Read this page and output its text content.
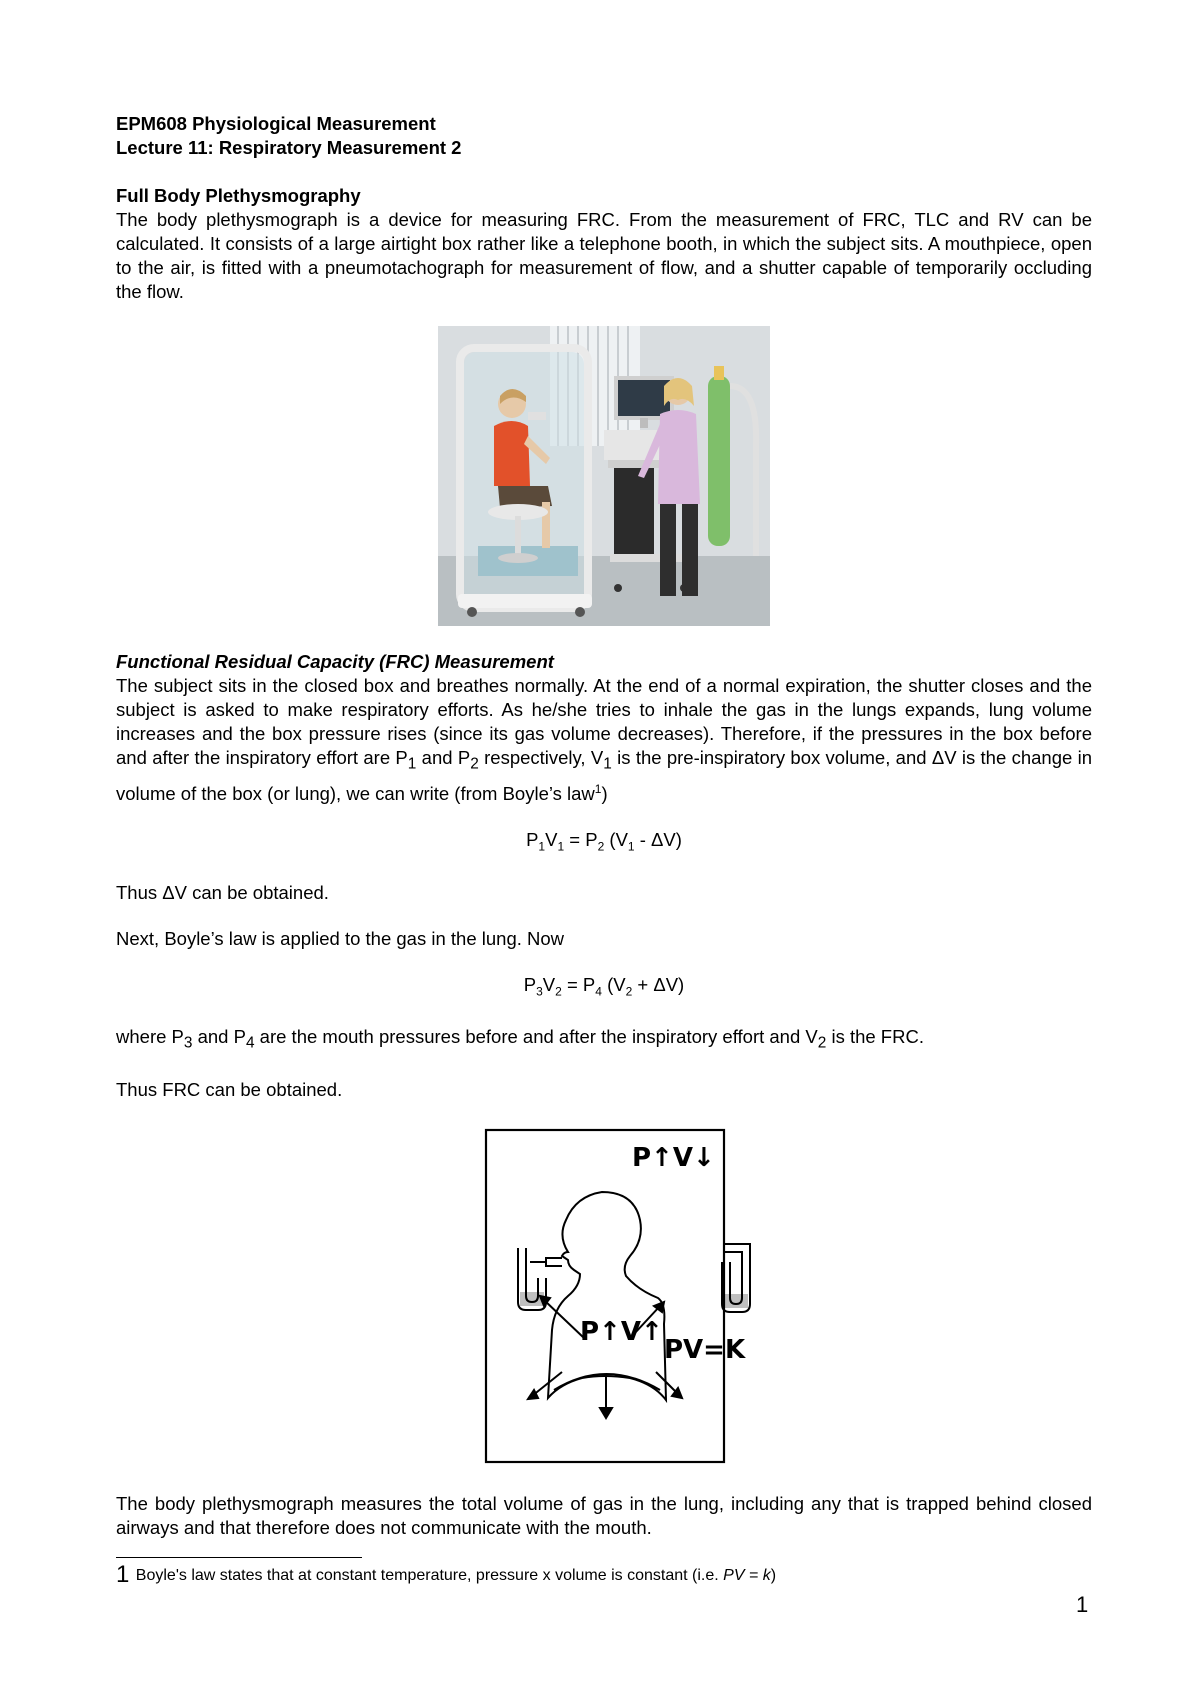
EPM608 Physiological Measurement

Lecture 11: Respiratory Measurement 2

Full Body Plethysmography

The body plethysmograph is a device for measuring FRC. From the measurement of FRC, TLC and RV can be calculated. It consists of a large airtight box rather like a telephone booth, in which the subject sits. A mouthpiece, open to the air, is fitted with a pneumotachograph for measurement of flow, and a shutter capable of temporarily occluding the flow.

Functional Residual Capacity (FRC) Measurement

The subject sits in the closed box and breathes normally. At the end of a normal expiration, the shutter closes and the subject is asked to make respiratory efforts. As he/she tries to inhale the gas in the lungs expands, lung volume increases and the box pressure rises (since its gas volume decreases). Therefore, if the pressures in the box before and after the inspiratory effort are $P_1$ and $P_2$ respectively, $V_1$ is the pre-inspiratory box volume, and ΔV is the change in volume of the box (or lung), we can write (from Boyle’s law$^1$)

$P_1V_1 = P_2$ $(V_1 - \Delta V)$

Thus ΔV can be obtained.

Next, Boyle’s law is applied to the gas in the lung. Now

$P_3V_2 = P_4$ $(V_2 + \Delta V)$

where $P_3$ and $P_4$ are the mouth pressures before and after the inspiratory effort and $V_2$ is the FRC.

Thus FRC can be obtained.

P↑V↓
P↑V↑
PV=K

The body plethysmograph measures the total volume of gas in the lung, including any that is trapped behind closed airways and that therefore does not communicate with the mouth.

1 Boyle's law states that at constant temperature, pressure x volume is constant (i.e. PV = k)

1
